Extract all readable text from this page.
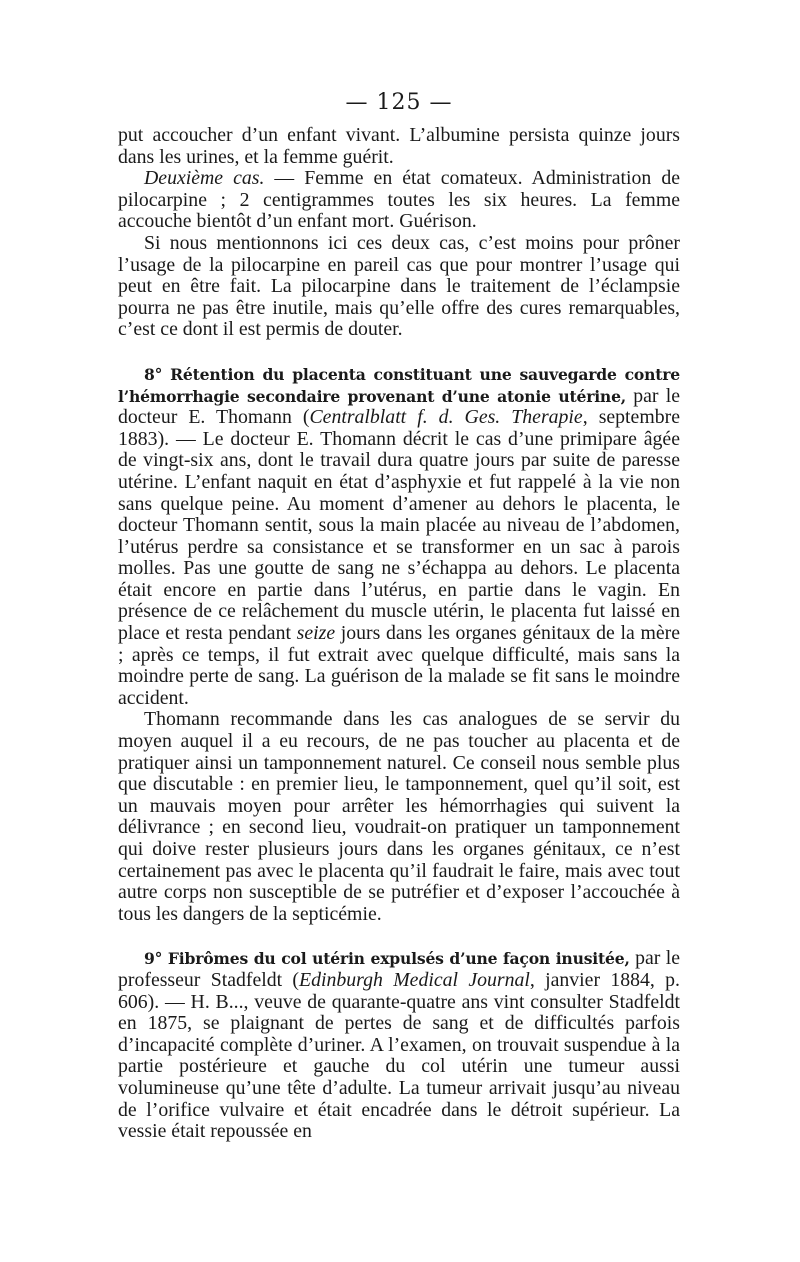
— 125 —
put accoucher d’un enfant vivant. L’albumine persista quinze jours dans les urines, et la femme guérit.
Deuxième cas. — Femme en état comateux. Administration de pilocarpine ; 2 centigrammes toutes les six heures. La femme accouche bientôt d’un enfant mort. Guérison.
Si nous mentionnons ici ces deux cas, c’est moins pour prôner l’usage de la pilocarpine en pareil cas que pour montrer l’usage qui peut en être fait. La pilocarpine dans le traitement de l’éclampsie pourra ne pas être inutile, mais qu’elle offre des cures remarquables, c’est ce dont il est permis de douter.
8° Rétention du placenta constituant une sauvegarde contre l’hémorrhagie secondaire provenant d’une atonie utérine, par le docteur E. Thomann (Centralblatt f. d. Ges. Therapie, septembre 1883). — Le docteur E. Thomann décrit le cas d’une primipare âgée de vingt-six ans, dont le travail dura quatre jours par suite de paresse utérine. L’enfant naquit en état d’asphyxie et fut rappelé à la vie non sans quelque peine. Au moment d’amener au dehors le placenta, le docteur Thomann sentit, sous la main placée au niveau de l’abdomen, l’utérus perdre sa consistance et se transformer en un sac à parois molles. Pas une goutte de sang ne s’échappa au dehors. Le placenta était encore en partie dans l’utérus, en partie dans le vagin. En présence de ce relâchement du muscle utérin, le placenta fut laissé en place et resta pendant seize jours dans les organes génitaux de la mère ; après ce temps, il fut extrait avec quelque difficulté, mais sans la moindre perte de sang. La guérison de la malade se fit sans le moindre accident.
Thomann recommande dans les cas analogues de se servir du moyen auquel il a eu recours, de ne pas toucher au placenta et de pratiquer ainsi un tamponnement naturel. Ce conseil nous semble plus que discutable : en premier lieu, le tamponnement, quel qu’il soit, est un mauvais moyen pour arrêter les hémorrhagies qui suivent la délivrance ; en second lieu, voudrait-on pratiquer un tamponnement qui doive rester plusieurs jours dans les organes génitaux, ce n’est certainement pas avec le placenta qu’il faudrait le faire, mais avec tout autre corps non susceptible de se putréfier et d’exposer l’accouchée à tous les dangers de la septicémie.
9° Fibrômes du col utérin expulsés d’une façon inusitée, par le professeur Stadfeldt (Edinburgh Medical Journal, janvier 1884, p. 606). — H. B..., veuve de quarante-quatre ans vint consulter Stadfeldt en 1875, se plaignant de pertes de sang et de difficultés parfois d’incapacité complète d’uriner. A l’examen, on trouvait suspendue à la partie postérieure et gauche du col utérin une tumeur aussi volumineuse qu’une tête d’adulte. La tumeur arrivait jusqu’au niveau de l’orifice vulvaire et était encadrée dans le détroit supérieur. La vessie était repoussée en
